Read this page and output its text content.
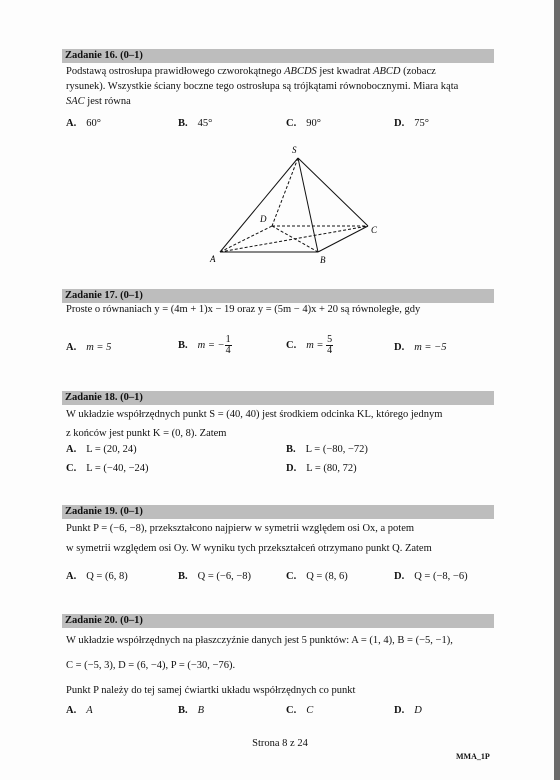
Zadanie 16. (0–1)
Podstawą ostrosłupa prawidłowego czworokątnego ABCDS jest kwadrat ABCD (zobacz
rysunek). Wszystkie ściany boczne tego ostrosłupa są trójkątami równobocznymi. Miara kąta
SAC jest równa
A. 60°	B. 45°	C. 90°	D. 75°
S
D
C
A	B
Zadanie 17. (0–1)
Proste o równaniach y = (4m + 1)x − 19 oraz y = (5m − 4)x + 20 są równoległe, gdy
A. m = 5	B. m = − $\frac{1}{4}$	C. $m = \frac{5}{4}$	D. m = −5
Zadanie 18. (0–1)
W układzie współrzędnych punkt S = (40, 40) jest środkiem odcinka KL, którego jednym
z końców jest punkt K = (0, 8). Zatem
A. L = (20, 24)	B. L = (−80, −72)
C. L = (−40, −24)	D. L = (80, 72)
Zadanie 19. (0–1)
Punkt P = (−6, −8), przekształcono najpierw w symetrii względem osi Ox, a potem
w symetrii względem osi Oy. W wyniku tych przekształceń otrzymano punkt Q. Zatem
A. Q = (6, 8)	B. Q = (−6, −8)	C. Q = (8, 6)	D. Q = (−8, −6)
Zadanie 20. (0–1)
W układzie współrzędnych na płaszczyźnie danych jest 5 punktów: A = (1, 4), B = (−5, −1),
C = (−5, 3), D = (6, −4), P = (−30, −76).
Punkt P należy do tej samej ćwiartki układu współrzędnych co punkt
A. A	B. B	C. C	D. D
Strona 8 z 24
MMA_1P
